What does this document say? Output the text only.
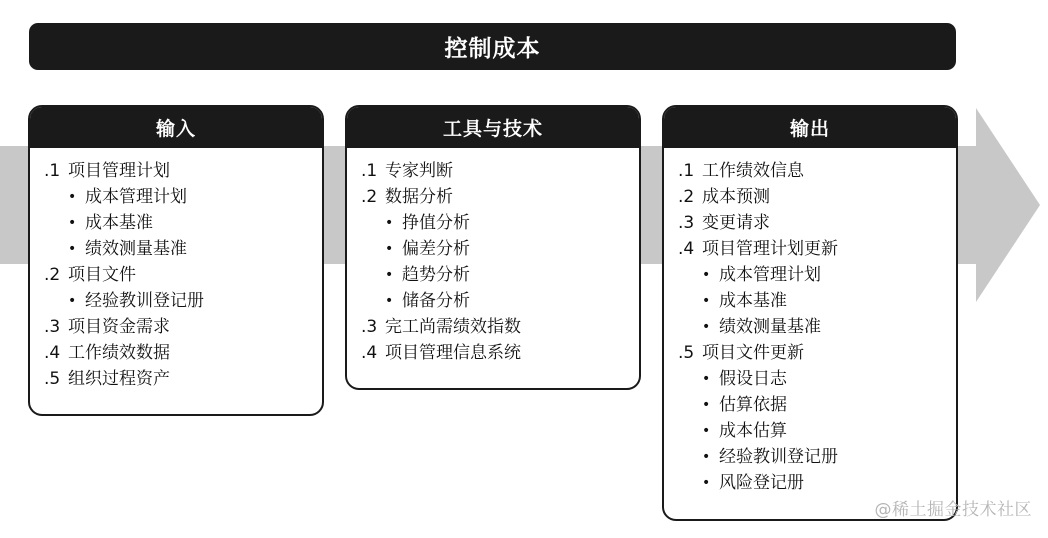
控制成本
输入
.1 项目管理计划
• 成本管理计划
• 成本基准
• 绩效测量基准
.2 项目文件
• 经验教训登记册
.3 项目资金需求
.4 工作绩效数据
.5 组织过程资产
工具与技术
.1 专家判断
.2 数据分析
• 挣值分析
• 偏差分析
• 趋势分析
• 储备分析
.3 完工尚需绩效指数
.4 项目管理信息系统
输出
.1 工作绩效信息
.2 成本预测
.3 变更请求
.4 项目管理计划更新
• 成本管理计划
• 成本基准
• 绩效测量基准
.5 项目文件更新
• 假设日志
• 估算依据
• 成本估算
• 经验教训登记册
• 风险登记册
@稀土掘金技术社区
